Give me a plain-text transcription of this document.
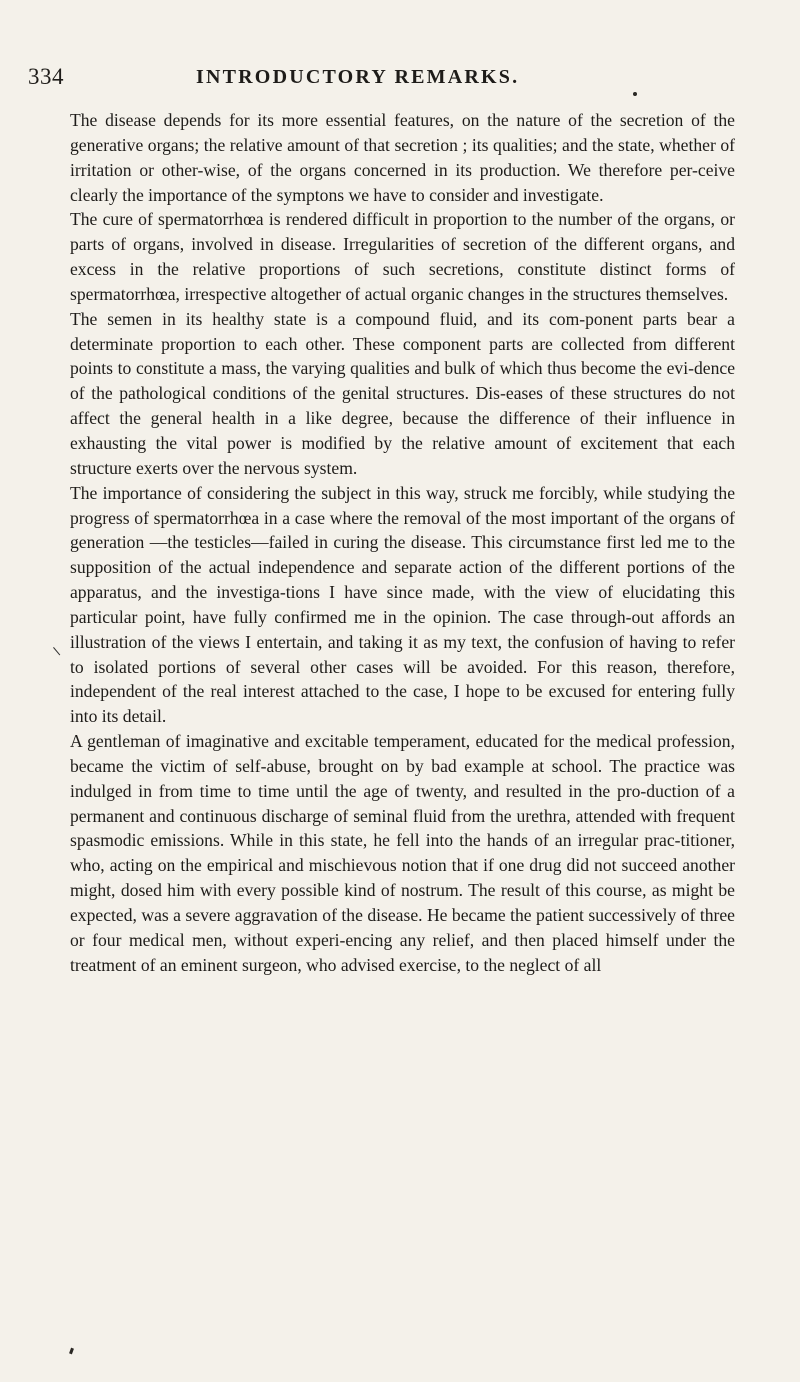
334	INTRODUCTORY REMARKS.

The disease depends for its more essential features, on the nature of the secretion of the generative organs; the relative amount of that secretion ; its qualities; and the state, whether of irritation or other-wise, of the organs concerned in its production. We therefore per-ceive clearly the importance of the symptons we have to consider and investigate.

The cure of spermatorrhœa is rendered difficult in proportion to the number of the organs, or parts of organs, involved in disease. Irregularities of secretion of the different organs, and excess in the relative proportions of such secretions, constitute distinct forms of spermatorrhœa, irrespective altogether of actual organic changes in the structures themselves.

The semen in its healthy state is a compound fluid, and its com-ponent parts bear a determinate proportion to each other. These component parts are collected from different points to constitute a mass, the varying qualities and bulk of which thus become the evi-dence of the pathological conditions of the genital structures. Dis-eases of these structures do not affect the general health in a like degree, because the difference of their influence in exhausting the vital power is modified by the relative amount of excitement that each structure exerts over the nervous system.

The importance of considering the subject in this way, struck me forcibly, while studying the progress of spermatorrhœa in a case where the removal of the most important of the organs of generation —the testicles—failed in curing the disease. This circumstance first led me to the supposition of the actual independence and separate action of the different portions of the apparatus, and the investiga-tions I have since made, with the view of elucidating this particular point, have fully confirmed me in the opinion. The case through-out affords an illustration of the views I entertain, and taking it as my text, the confusion of having to refer to isolated portions of several other cases will be avoided. For this reason, therefore, independent of the real interest attached to the case, I hope to be excused for entering fully into its detail.

A gentleman of imaginative and excitable temperament, educated for the medical profession, became the victim of self-abuse, brought on by bad example at school. The practice was indulged in from time to time until the age of twenty, and resulted in the pro-duction of a permanent and continuous discharge of seminal fluid from the urethra, attended with frequent spasmodic emissions. While in this state, he fell into the hands of an irregular prac-titioner, who, acting on the empirical and mischievous notion that if one drug did not succeed another might, dosed him with every possible kind of nostrum. The result of this course, as might be expected, was a severe aggravation of the disease. He became the patient successively of three or four medical men, without experi-encing any relief, and then placed himself under the treatment of an eminent surgeon, who advised exercise, to the neglect of all
